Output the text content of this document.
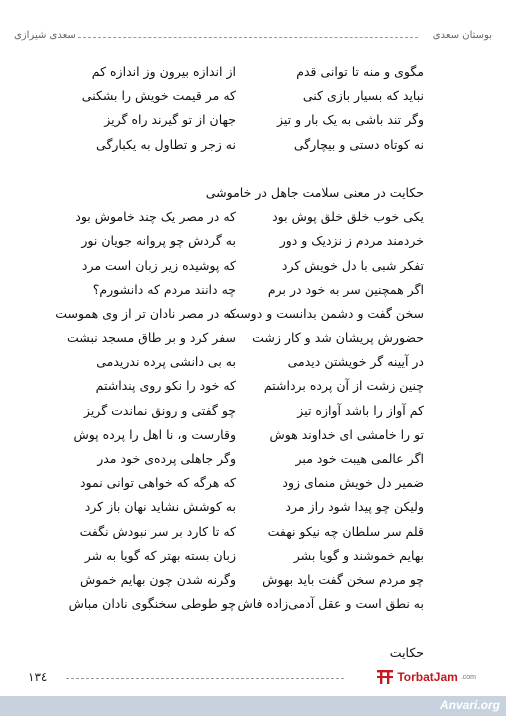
بوستان سعدی
سعدی شیرازی
مگوی و منه تا توانی قدم
از اندازه بیرون وز اندازه کم
نباید که بسیار بازی کنی
که مر قیمت خویش را بشکنی
وگر تند باشی به یک بار و تیز
جهان از تو گیرند راه گریز
نه کوتاه دستی و بیچارگی
نه زجر و تطاول به یکبارگی
حکایت در معنی سلامت جاهل در خاموشی
یکی خوب خلق خلق پوش بود
که در مصر یک چند خاموش بود
خردمند مردم ز نزدیک و دور
به گردش چو پروانه جویان نور
تفکر شبی با دل خویش کرد
که پوشیده زیر زبان است مرد
اگر همچنین سر به خود در برم
چه دانند مردم که دانشورم؟
سخن گفت و دشمن بدانست و دوست
که در مصر نادان تر از وی هموست
حضورش پریشان شد و کار زشت
سفر کرد و بر طاق مسجد نبشت
در آیینه گر خویشتن دیدمی
به بی دانشی پرده ندریدمی
چنین زشت از آن پرده برداشتم
که خود را نکو روی پنداشتم
کم آواز را باشد آوازه تیز
چو گفتی و رونق نماندت گریز
تو را خامشی ای خداوند هوش
وقارست و، نا اهل را پرده پوش
اگر عالمی هیبت خود مبر
وگر جاهلی پرده‌ی خود مدر
ضمیر دل خویش منمای زود
که هرگه که خواهی توانی نمود
ولیکن چو پیدا شود راز مرد
به کوشش نشاید نهان باز کرد
قلم سر سلطان چه نیکو نهفت
که تا کارد بر سر نبودش نگفت
بهایم خموشند و گویا بشر
زبان بسته بهتر که گویا به شر
چو مردم سخن گفت باید بهوش
وگرنه شدن چون بهایم خموش
به نطق است و عقل آدمی‌زاده فاش
چو طوطی سخنگوی نادان مباش
حکایت
١٣٤	TorbatJam .com
Anvari.org
